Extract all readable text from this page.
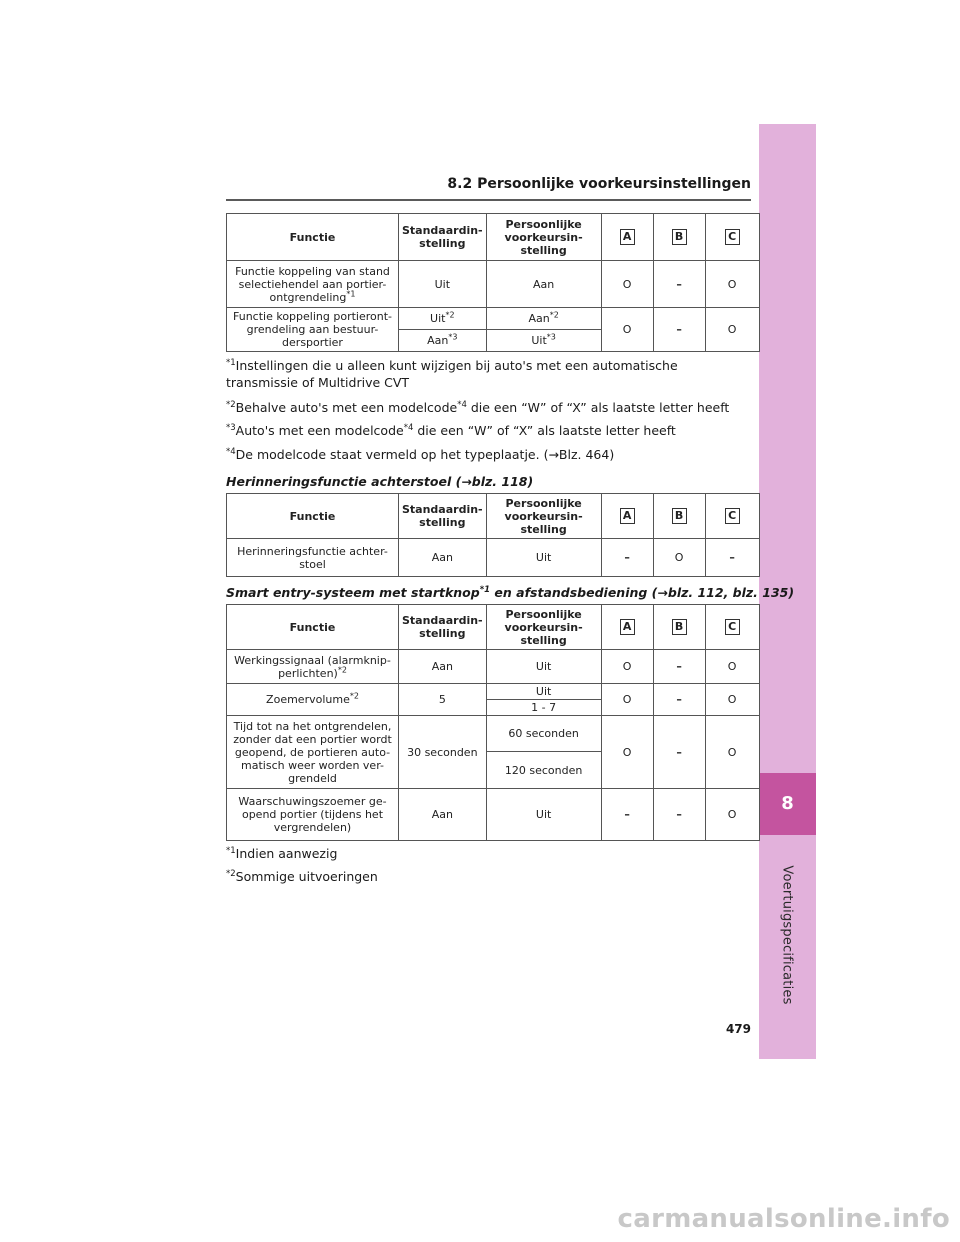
8
Voertuigspecificaties
8.2 Persoonlijke voorkeursinstellingen
Functie	Standaardin-
stelling	Persoonlijke
voorkeursin-
stelling	A	B	C
Functie koppeling van stand
selectiehendel aan portier-
ontgrendeling$^{*1}$	Uit	Aan	O	–	O
Functie koppeling portieront-
grendeling aan bestuur-
dersportier	Uit$^{*2}$	Aan$^{*2}$	O	–	O
	Aan$^{*3}$	Uit$^{*3}$
$^{*1}$Instellingen die u alleen kunt wijzigen bij auto's met een automatische transmissie of Multidrive CVT
$^{*2}$Behalve auto's met een modelcode$^{*4}$ die een “W” of “X” als laatste letter heeft
$^{*3}$Auto's met een modelcode$^{*4}$ die een “W” of “X” als laatste letter heeft
$^{*4}$De modelcode staat vermeld op het typeplaatje. (→Blz. 464)
Herinneringsfunctie achterstoel (→blz. 118)
Functie	Standaardin-
stelling	Persoonlijke
voorkeursin-
stelling	A	B	C
Herinneringsfunctie achter-
stoel	Aan	Uit	–	O	–
Smart entry-systeem met startknop$^{*1}$ en afstandsbediening (→blz. 112, blz. 135)
Functie	Standaardin-
stelling	Persoonlijke
voorkeursin-
stelling	A	B	C
Werkingssignaal (alarmknip-
perlichten)$^{*2}$	Aan	Uit	O	–	O
Zoemervolume$^{*2}$	5	Uit	O	–	O
		1 - 7			
Tijd tot na het ontgrendelen,
zonder dat een portier wordt
geopend, de portieren auto-
matisch weer worden ver-
grendeld	30 seconden	60 seconden	O	–	O
		120 seconden			
Waarschuwingszoemer ge-
opend portier (tijdens het
vergrendelen)	Aan	Uit	–	–	O
$^{*1}$Indien aanwezig
$^{*2}$Sommige uitvoeringen
479
carmanualsonline.info
